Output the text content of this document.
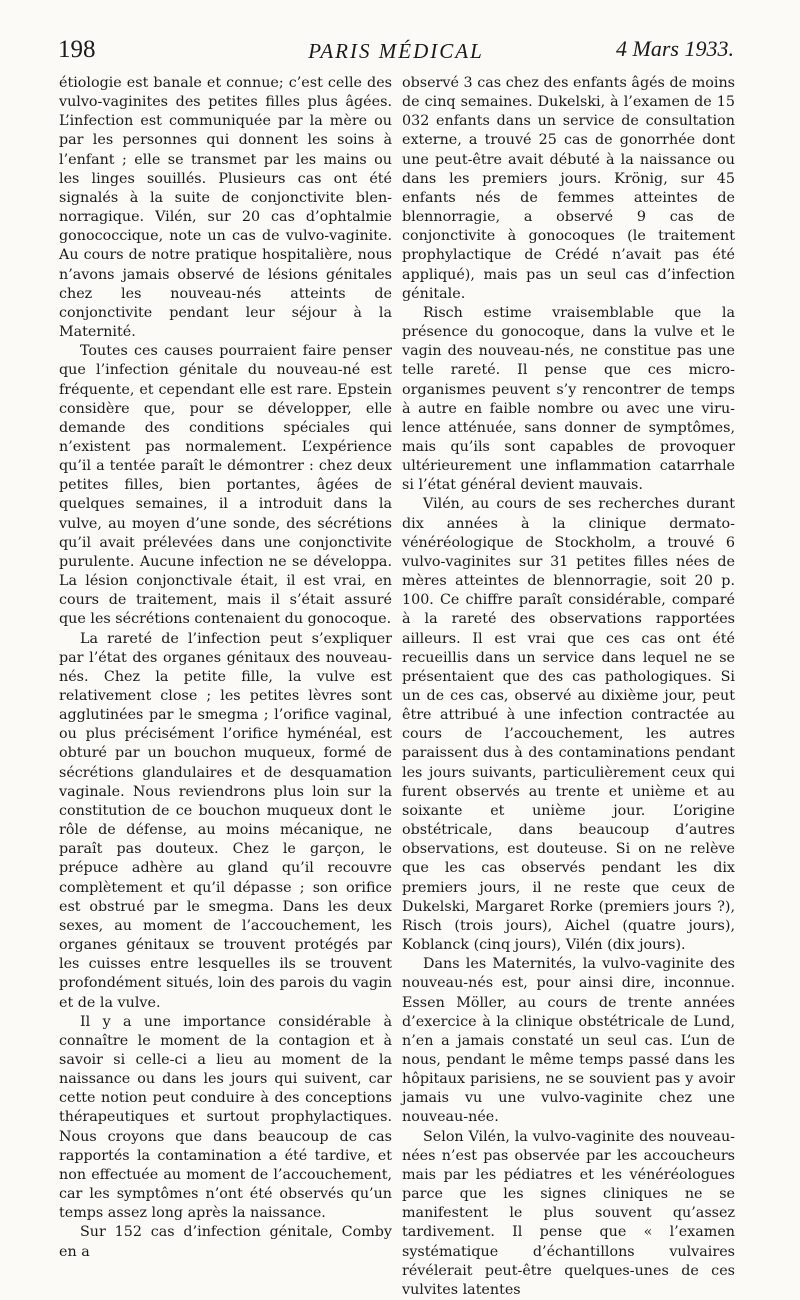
198	PARIS MÉDICAL	4 Mars 1933.

étiologie est banale et connue; c’est celle des vulvo-vaginites des petites filles plus âgées. L’infection est communiquée par la mère ou par les personnes qui donnent les soins à l’enfant ; elle se transmet par les mains ou les linges souillés. Plusieurs cas ont été signalés à la suite de conjonctivite blennorragique. Vilén, sur 20 cas d’ophtalmie gonococcique, note un cas de vulvo-vaginite. Au cours de notre pratique hospitalière, nous n’avons jamais observé de lésions génitales chez les nouveau-nés atteints de conjonctivite pendant leur séjour à la Maternité.

Toutes ces causes pourraient faire penser que l’infection génitale du nouveau-né est fréquente, et cependant elle est rare. Epstein considère que, pour se développer, elle demande des conditions spéciales qui n’existent pas normalement. L’expérience qu’il a tentée paraît le démontrer : chez deux petites filles, bien portantes, âgées de quelques semaines, il a introduit dans la vulve, au moyen d’une sonde, des sécrétions qu’il avait prélevées dans une conjonctivite purulente. Aucune infection ne se développa. La lésion conjonctivale était, il est vrai, en cours de traitement, mais il s’était assuré que les sécrétions contenaient du gonocoque.

La rareté de l’infection peut s’expliquer par l’état des organes génitaux des nouveau-nés. Chez la petite fille, la vulve est relativement close ; les petites lèvres sont agglutinées par le smegma ; l’orifice vaginal, ou plus précisément l’orifice hyménéal, est obturé par un bouchon muqueux, formé de sécrétions glandulaires et de desquamation vaginale. Nous reviendrons plus loin sur la constitution de ce bouchon muqueux dont le rôle de défense, au moins mécanique, ne paraît pas douteux. Chez le garçon, le prépuce adhère au gland qu’il recouvre complètement et qu’il dépasse ; son orifice est obstrué par le smegma. Dans les deux sexes, au moment de l’accouchement, les organes génitaux se trouvent protégés par les cuisses entre lesquelles ils se trouvent profondément situés, loin des parois du vagin et de la vulve.

Il y a une importance considérable à connaître le moment de la contagion et à savoir si celle-ci a lieu au moment de la naissance ou dans les jours qui suivent, car cette notion peut conduire à des conceptions thérapeutiques et surtout prophylactiques. Nous croyons que dans beaucoup de cas rapportés la contamination a été tardive, et non effectuée au moment de l’accouchement, car les symptômes n’ont été observés qu’un temps assez long après la naissance.

Sur 152 cas d’infection génitale, Comby en a

observé 3 cas chez des enfants âgés de moins de cinq semaines. Dukelski, à l’examen de 15 032 enfants dans un service de consultation externe, a trouvé 25 cas de gonorrhée dont une peut-être avait débuté à la naissance ou dans les premiers jours. Krönig, sur 45 enfants nés de femmes atteintes de blennorragie, a observé 9 cas de conjonctivite à gonocoques (le traitement prophylactique de Crédé n’avait pas été appliqué), mais pas un seul cas d’infection génitale.

Risch estime vraisemblable que la présence du gonocoque, dans la vulve et le vagin des nouveau-nés, ne constitue pas une telle rareté. Il pense que ces micro-organismes peuvent s’y rencontrer de temps à autre en faible nombre ou avec une virulence atténuée, sans donner de symptômes, mais qu’ils sont capables de provoquer ultérieurement une inflammation catarrhale si l’état général devient mauvais.

Vilén, au cours de ses recherches durant dix années à la clinique dermato-vénéréologique de Stockholm, a trouvé 6 vulvo-vaginites sur 31 petites filles nées de mères atteintes de blennorragie, soit 20 p. 100. Ce chiffre paraît considérable, comparé à la rareté des observations rapportées ailleurs. Il est vrai que ces cas ont été recueillis dans un service dans lequel ne se présentaient que des cas pathologiques. Si un de ces cas, observé au dixième jour, peut être attribué à une infection contractée au cours de l’accouchement, les autres paraissent dus à des contaminations pendant les jours suivants, particulièrement ceux qui furent observés au trente et unième et au soixante et unième jour. L’origine obstétricale, dans beaucoup d’autres observations, est douteuse. Si on ne relève que les cas observés pendant les dix premiers jours, il ne reste que ceux de Dukelski, Margaret Rorke (premiers jours ?), Risch (trois jours), Aichel (quatre jours), Koblanck (cinq jours), Vilén (dix jours).

Dans les Maternités, la vulvo-vaginite des nouveau-nés est, pour ainsi dire, inconnue. Essen Möller, au cours de trente années d’exercice à la clinique obstétricale de Lund, n’en a jamais constaté un seul cas. L’un de nous, pendant le même temps passé dans les hôpitaux parisiens, ne se souvient pas y avoir jamais vu une vulvo-vaginite chez une nouveau-née.

Selon Vilén, la vulvo-vaginite des nouveau-nées n’est pas observée par les accoucheurs mais par les pédiatres et les vénéréologues parce que les signes cliniques ne se manifestent le plus souvent qu’assez tardivement. Il pense que « l’examen systématique d’échantillons vulvaires révélerait peut-être quelques-unes de ces vulvites latentes
